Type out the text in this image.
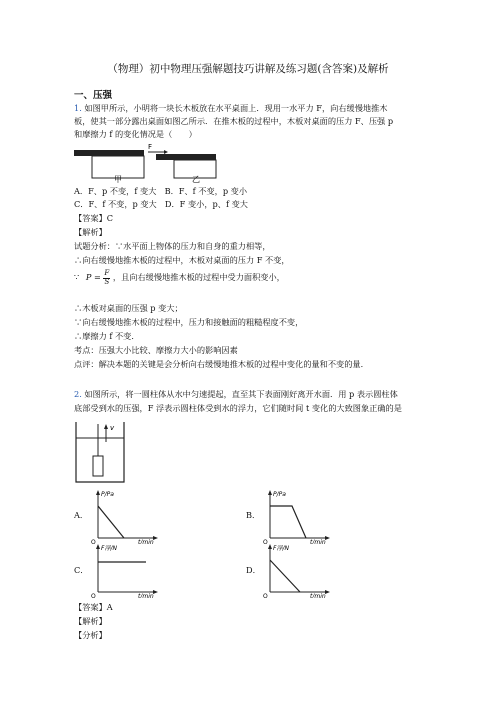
（物理）初中物理压强解题技巧讲解及练习题(含答案)及解析
一、压强
1. 如图甲所示，小明将一块长木板放在水平桌面上．现用一水平力 F，向右缓慢地推木
板，使其一部分露出桌面如图乙所示．在推木板的过程中，木板对桌面的压力 F、压强 p
和摩擦力 f 的变化情况是（　　）
甲
F
乙
A．F、p 不变，f 变大　B．F、f 不变，p 变小
C．F、f 不变，p 变大　D．F 变小，p、f 变大
【答案】C
【解析】
试题分析：∵水平面上物体的压力和自身的重力相等，
∴向右缓慢地推木板的过程中，木板对桌面的压力 F 不变，
∵ $P = \frac{F}{S}$ ，且向右缓慢地推木板的过程中受力面积变小，
∴木板对桌面的压强 p 变大；
∵向右缓慢地推木板的过程中，压力和接触面的粗糙程度不变，
∴摩擦力 f 不变．
考点：压强大小比较、摩擦力大小的影响因素
点评：解决本题的关键是会分析向右缓慢地推木板的过程中变化的量和不变的量．
2. 如图所示，将一圆柱体从水中匀速提起，直至其下表面刚好离开水面．用 p 表示圆柱体
底部受到水的压强，F 浮表示圆柱体受到水的浮力，它们随时间 t 变化的大致图象正确的是
v
A．
P/Pa
O	t/min
B．
P/Pa
O	t/min
C．
F浮/N
O	t/min
D．
F浮/N
O	t/min
【答案】A
【解析】
【分析】
